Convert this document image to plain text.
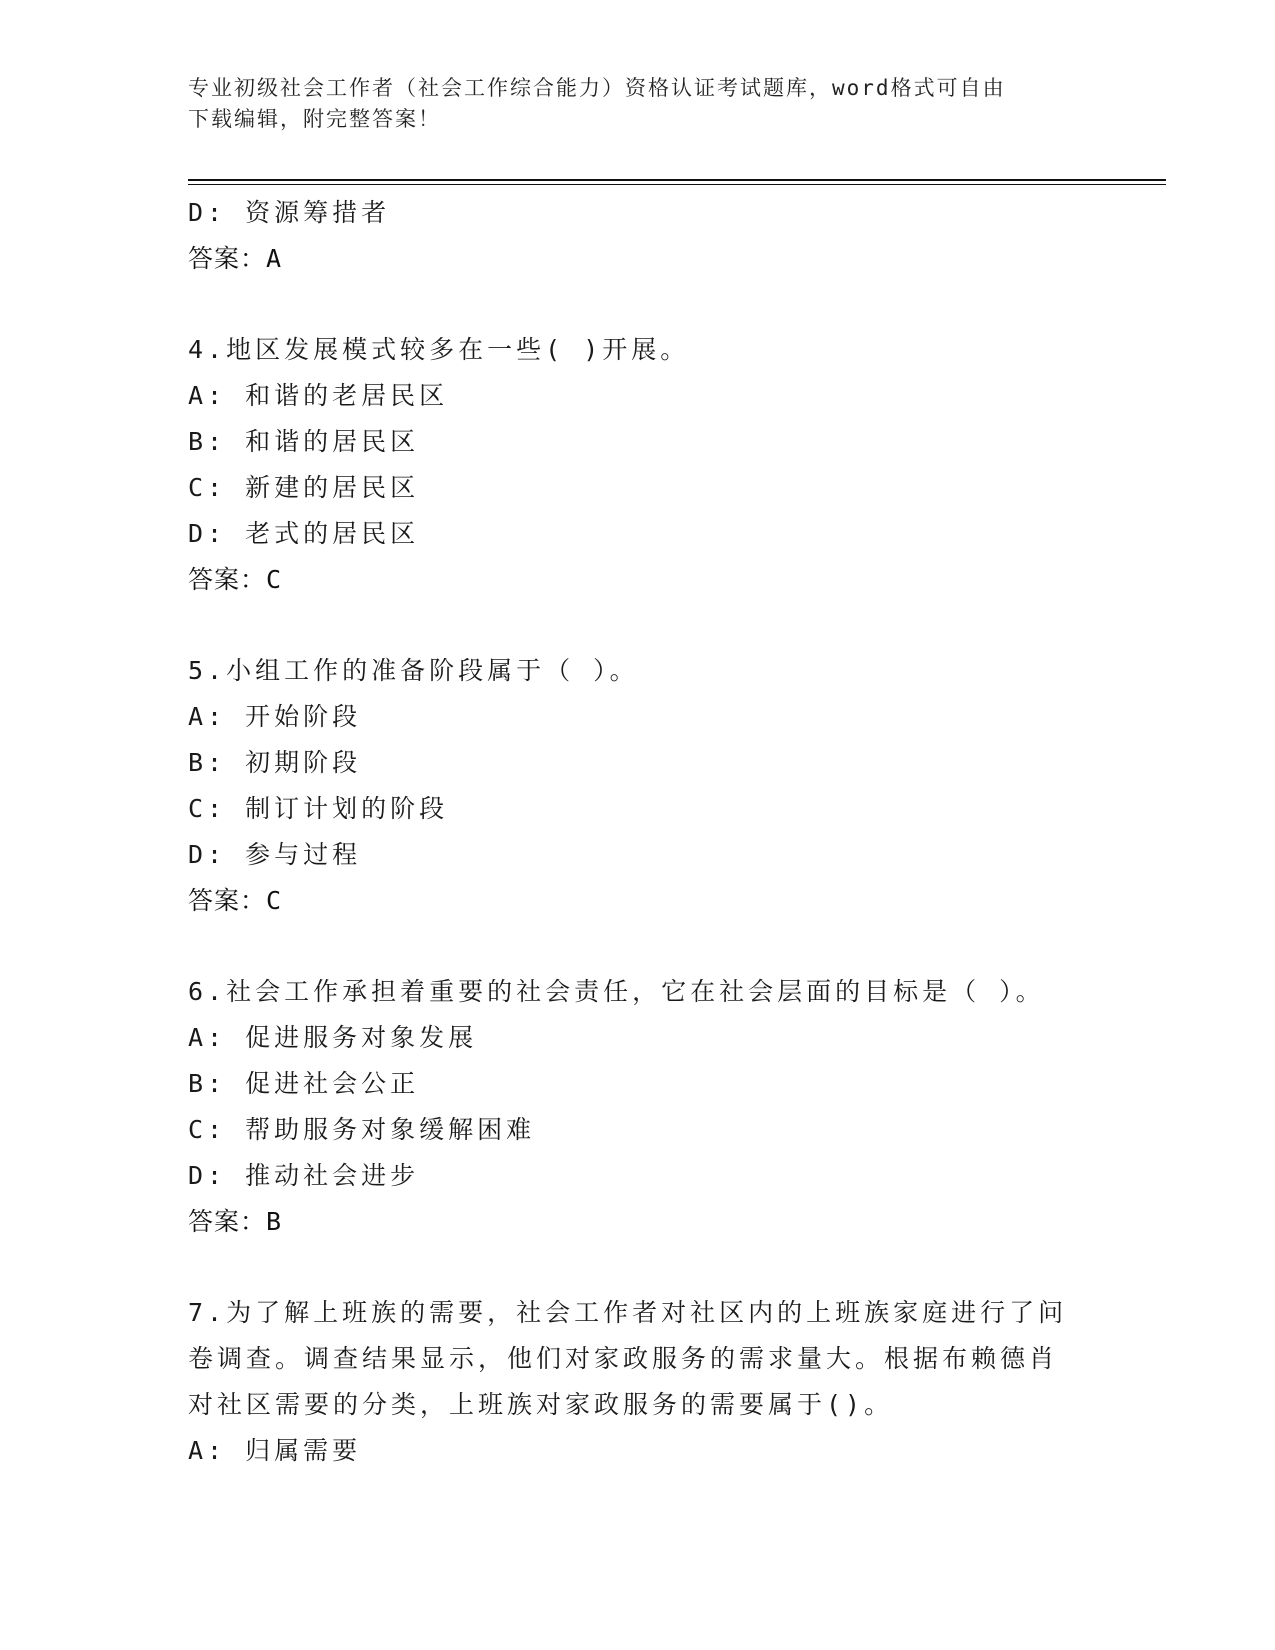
专业初级社会工作者（社会工作综合能力）资格认证考试题库，word格式可自由
下载编辑，附完整答案！
D: 资源筹措者
答案：A
4.地区发展模式较多在一些( )开展。
A: 和谐的老居民区
B: 和谐的居民区
C: 新建的居民区
D: 老式的居民区
答案：C
5.小组工作的准备阶段属于（ ）。
A: 开始阶段
B: 初期阶段
C: 制订计划的阶段
D: 参与过程
答案：C
6.社会工作承担着重要的社会责任，它在社会层面的目标是（ ）。
A: 促进服务对象发展
B: 促进社会公正
C: 帮助服务对象缓解困难
D: 推动社会进步
答案：B
7.为了解上班族的需要，社会工作者对社区内的上班族家庭进行了问
卷调查。调查结果显示，他们对家政服务的需求量大。根据布赖德肖
对社区需要的分类，上班族对家政服务的需要属于()。
A: 归属需要
